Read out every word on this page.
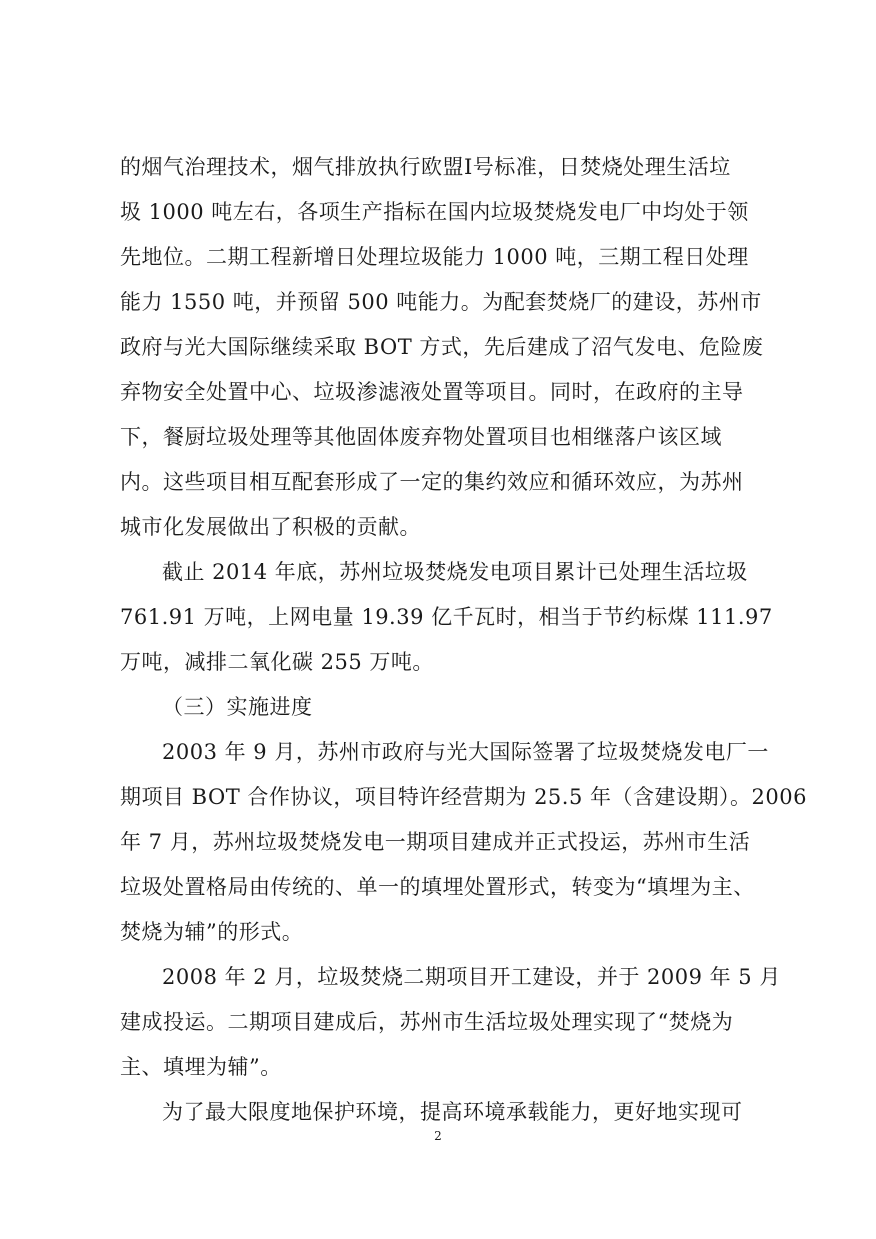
的烟气治理技术，烟气排放执行欧盟Ⅰ号标准，日焚烧处理生活垃
圾 1000 吨左右，各项生产指标在国内垃圾焚烧发电厂中均处于领
先地位。二期工程新增日处理垃圾能力 1000 吨，三期工程日处理
能力 1550 吨，并预留 500 吨能力。为配套焚烧厂的建设，苏州市
政府与光大国际继续采取 BOT 方式，先后建成了沼气发电、危险废
弃物安全处置中心、垃圾渗滤液处置等项目。同时，在政府的主导
下，餐厨垃圾处理等其他固体废弃物处置项目也相继落户该区域
内。这些项目相互配套形成了一定的集约效应和循环效应，为苏州
城市化发展做出了积极的贡献。
截止 2014 年底，苏州垃圾焚烧发电项目累计已处理生活垃圾
761.91 万吨，上网电量 19.39 亿千瓦时，相当于节约标煤 111.97
万吨，减排二氧化碳 255 万吨。
（三）实施进度
2003 年 9 月，苏州市政府与光大国际签署了垃圾焚烧发电厂一
期项目 BOT 合作协议，项目特许经营期为 25.5 年（含建设期）。2006
年 7 月，苏州垃圾焚烧发电一期项目建成并正式投运，苏州市生活
垃圾处置格局由传统的、单一的填埋处置形式，转变为“填埋为主、
焚烧为辅”的形式。
2008 年 2 月，垃圾焚烧二期项目开工建设，并于 2009 年 5 月
建成投运。二期项目建成后，苏州市生活垃圾处理实现了“焚烧为
主、填埋为辅”。
为了最大限度地保护环境，提高环境承载能力，更好地实现可
2
